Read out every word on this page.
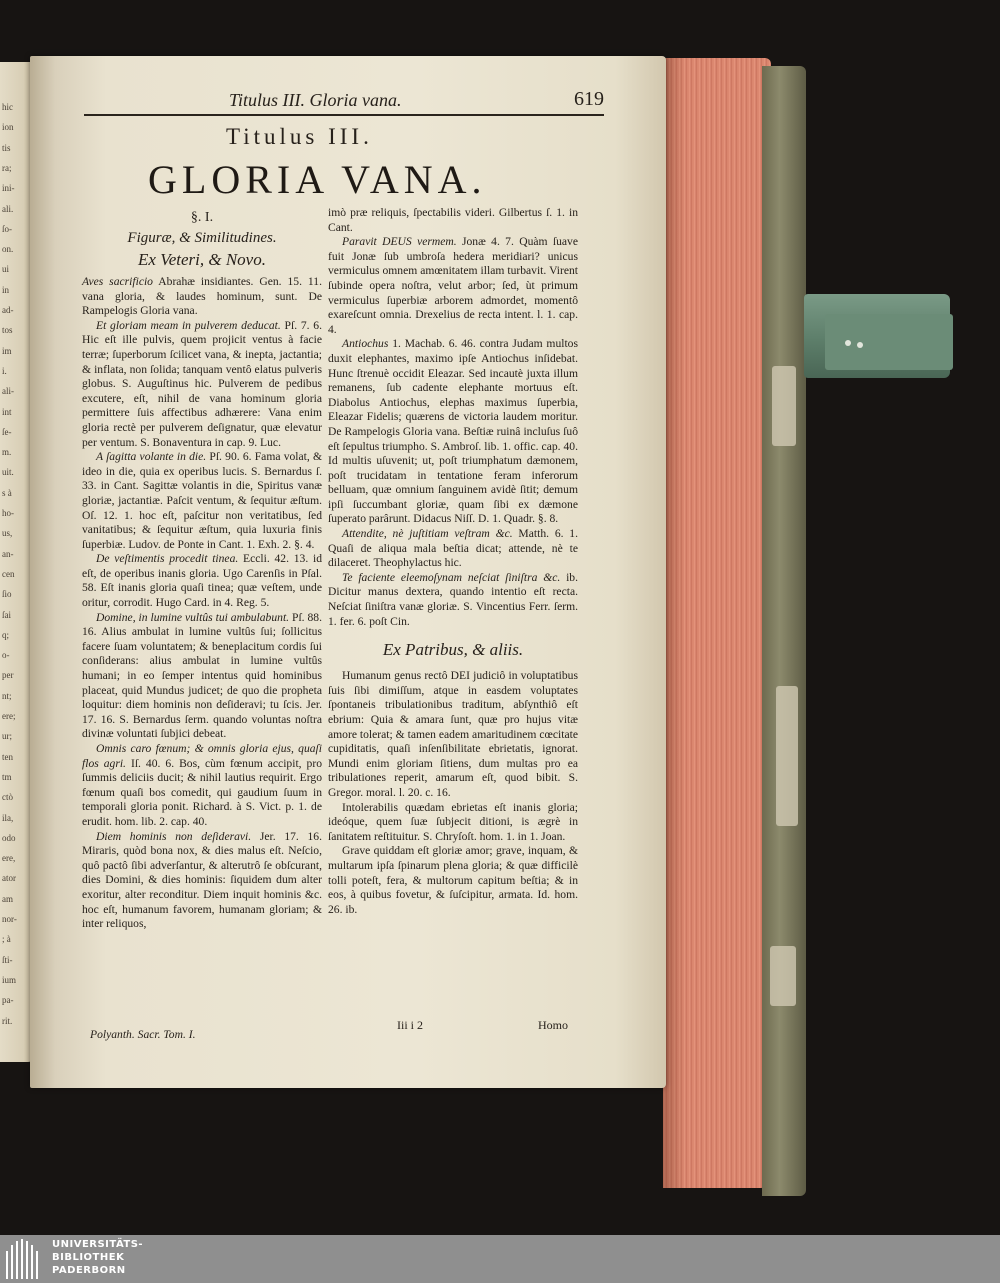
hic
ion
tis
ra;
ini-
ali.
ſo-
on.
ui
in
ad-
tos
im
i.
ali-
int
ſe-
m.
uit.
s à
ho-
us,
an-
cen
ſio
ſai
q;
o-
per
nt;
ere;
ur;
ten
tm
ctò
ila,
odo
ere,
ator
am
nor-
; à
ſti-
ium
pa-
rit.
Titulus III. Gloria vana.	619
Titulus III.
GLORIA VANA.

§. I.

Figuræ, & Similitudines.

Ex Veteri, & Novo.

Aves sacrificio Abrahæ insidiantes. Gen. 15. 11. vana gloria, & laudes hominum, sunt. De Rampelogis Gloria vana.

Et gloriam meam in pulverem deducat. Pſ. 7. 6. Hic eſt ille pulvis, quem projicit ventus à facie terræ; ſuperborum ſcilicet vana, & inepta, jactantia; & inflata, non ſolida; tanquam ventô elatus pulveris globus. S. Auguſtinus hic. Pulverem de pedibus excutere, eſt, nihil de vana hominum gloria permittere ſuis affectibus adhærere: Vana enim gloria rectè per pulverem deſignatur, quæ elevatur per ventum. S. Bonaventura in cap. 9. Luc.

A ſagitta volante in die. Pſ. 90. 6. Fama volat, & ideo in die, quia ex operibus lucis. S. Bernardus ſ. 33. in Cant. Sagittæ volantis in die, Spiritus vanæ gloriæ, jactantiæ. Paſcit ventum, & ſequitur æſtum. Oſ. 12. 1. hoc eſt, paſcitur non veritatibus, ſed vanitatibus; & ſequitur æſtum, quia luxuria finis ſuperbiæ. Ludov. de Ponte in Cant. 1. Exh. 2. §. 4.

De veſtimentis procedit tinea. Eccli. 42. 13. id eſt, de operibus inanis gloria. Ugo Carenſis in Pſal. 58. Eſt inanis gloria quaſi tinea; quæ veſtem, unde oritur, corrodit. Hugo Card. in 4. Reg. 5.

Domine, in lumine vultûs tui ambulabunt. Pſ. 88. 16. Alius ambulat in lumine vultûs ſui; ſollicitus facere ſuam voluntatem; & beneplacitum cordis ſui conſiderans: alius ambulat in lumine vultûs humani; in eo ſemper intentus quid hominibus placeat, quid Mundus judicet; de quo die propheta loquitur: diem hominis non deſideravi; tu ſcis. Jer. 17. 16. S. Bernardus ſerm. quando voluntas noſtra divinæ voluntati ſubjici debeat.

Omnis caro fœnum; & omnis gloria ejus, quaſi flos agri. Iſ. 40. 6. Bos, cùm fœnum accipit, pro ſummis deliciis ducit; & nihil lautius requirit. Ergo fœnum quaſi bos comedit, qui gaudium ſuum in temporali gloria ponit. Richard. à S. Vict. p. 1. de erudit. hom. lib. 2. cap. 40.

Diem hominis non deſideravi. Jer. 17. 16. Miraris, quòd bona nox, & dies malus eſt. Neſcio, quô pactô ſibi adverſantur, & alterutrô ſe obſcurant, dies Domini, & dies hominis: ſiquidem dum alter exoritur, alter reconditur. Diem inquit hominis &c. hoc eſt, humanum favorem, humanam gloriam; & inter reliquos,

imò præ reliquis, ſpectabilis videri. Gilbertus ſ. 1. in Cant.

Paravit DEUS vermem. Jonæ 4. 7. Quàm ſuave fuit Jonæ ſub umbroſa hedera meridiari? unicus vermiculus omnem amœnitatem illam turbavit. Virent ſubinde opera noſtra, velut arbor; ſed, ùt primum vermiculus ſuperbiæ arborem admordet, momentô exareſcunt omnia. Drexelius de recta intent. l. 1. cap. 4.

Antiochus 1. Machab. 6. 46. contra Judam multos duxit elephantes, maximo ipſe Antiochus inſidebat. Hunc ſtrenuè occidit Eleazar. Sed incautè juxta illum remanens, ſub cadente elephante mortuus eſt. Diabolus Antiochus, elephas maximus ſuperbia, Eleazar Fidelis; quærens de victoria laudem moritur. De Rampelogis Gloria vana. Beſtiæ ruinâ incluſus ſuô eſt ſepultus triumpho. S. Ambroſ. lib. 1. offic. cap. 40. Id multis uſuvenit; ut, poſt triumphatum dæmonem, poſt trucidatam in tentatione feram inferorum belluam, quæ omnium ſanguinem avidè ſitit; demum ipſi ſuccumbant gloriæ, quam ſibi ex dæmone ſuperato parârunt. Didacus Niſſ. D. 1. Quadr. §. 8.

Attendite, nè juſtitiam veſtram &c. Matth. 6. 1. Quaſi de aliqua mala beſtia dicat; attende, nè te dilaceret. Theophylactus hic.

Te faciente eleemoſynam neſciat ſiniſtra &c. ib. Dicitur manus dextera, quando intentio eſt recta. Neſciat ſiniſtra vanæ gloriæ. S. Vincentius Ferr. ſerm. 1. fer. 6. poſt Cin.

Ex Patribus, & aliis.

Humanum genus rectô DEI judiciô in voluptatibus ſuis ſibi dimiſſum, atque in easdem voluptates ſpontaneis tribulationibus traditum, abſynthiô eſt ebrium: Quia & amara ſunt, quæ pro hujus vitæ amore tolerat; & tamen eadem amaritudinem cœcitate cupiditatis, quaſi inſenſibilitate ebrietatis, ignorat. Mundi enim gloriam ſitiens, dum multas pro ea tribulationes reperit, amarum eſt, quod bibit. S. Gregor. moral. l. 20. c. 16.

Intolerabilis quædam ebrietas eſt inanis gloria; ideóque, quem ſuæ ſubjecit ditioni, is ægrè in ſanitatem reſtituitur. S. Chryſoſt. hom. 1. in 1. Joan.

Grave quiddam eſt gloriæ amor; grave, inquam, & multarum ipſa ſpinarum plena gloria; & quæ difficilè tolli poteſt, fera, & multorum capitum beſtia; & in eos, à quibus fovetur, & ſuſcipitur, armata. Id. hom. 26. ib.

Polyanth. Sacr. Tom. I.
Iii i 2	Homo
UNIVERSITÄTS-
BIBLIOTHEK
PADERBORN
